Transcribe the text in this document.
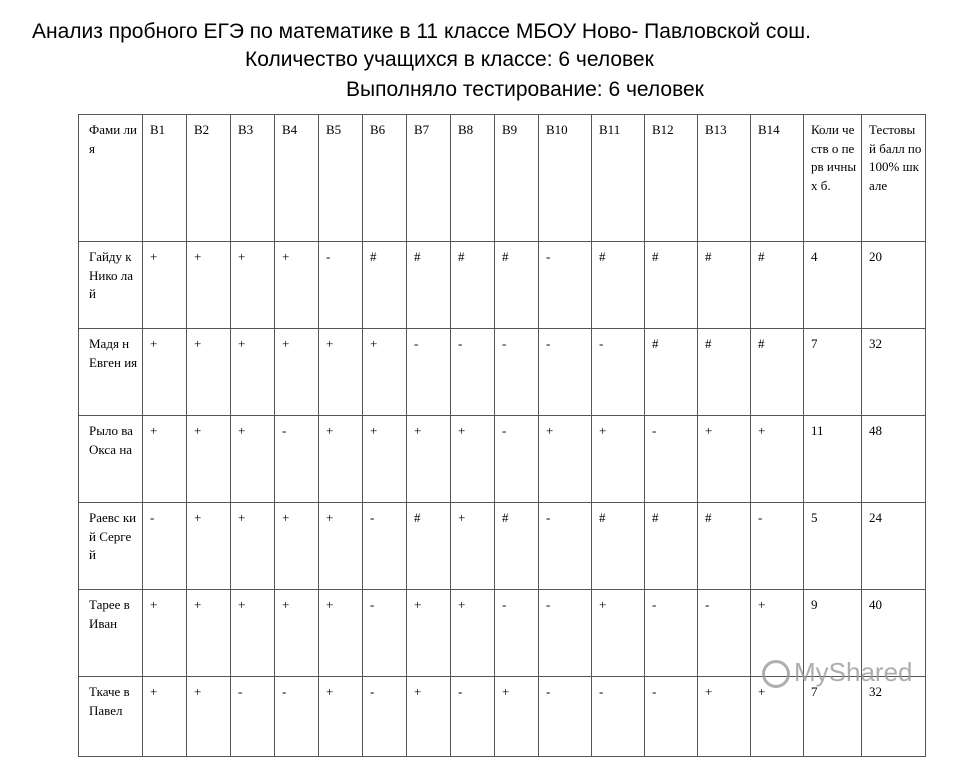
Анализ пробного ЕГЭ по математике в 11 классе МБОУ Ново- Павловской сош.
Количество учащихся в классе: 6 человек
Выполняло тестирование: 6 человек
Фами лия	B1	B2	B3	B4	B5	B6	B7	B8	B9	B10	B11	B12	B13	B14	Коли честв о перв ичны х б.	Тестовы й балл по 100% шкале

Гайду к Нико лай	+	+	+	+	-	#	#	#	#	-	#	#	#	#	4	20

Мадя н Евген ия	+	+	+	+	+	+	-	-	-	-	-	#	#	#	7	32

Рыло ва Окса на	+	+	+	-	+	+	+	+	-	+	+	-	+	+	11	48

Раевс кий Серге й	-	+	+	+	+	-	#	+	#	-	#	#	#	-	5	24

Тарее в Иван	+	+	+	+	+	-	+	+	-	-	+	-	-	+	9	40

Ткаче в Павел	+	+	-	-	+	-	+	-	+	-	-	-	+	+	7	32
MyShared
